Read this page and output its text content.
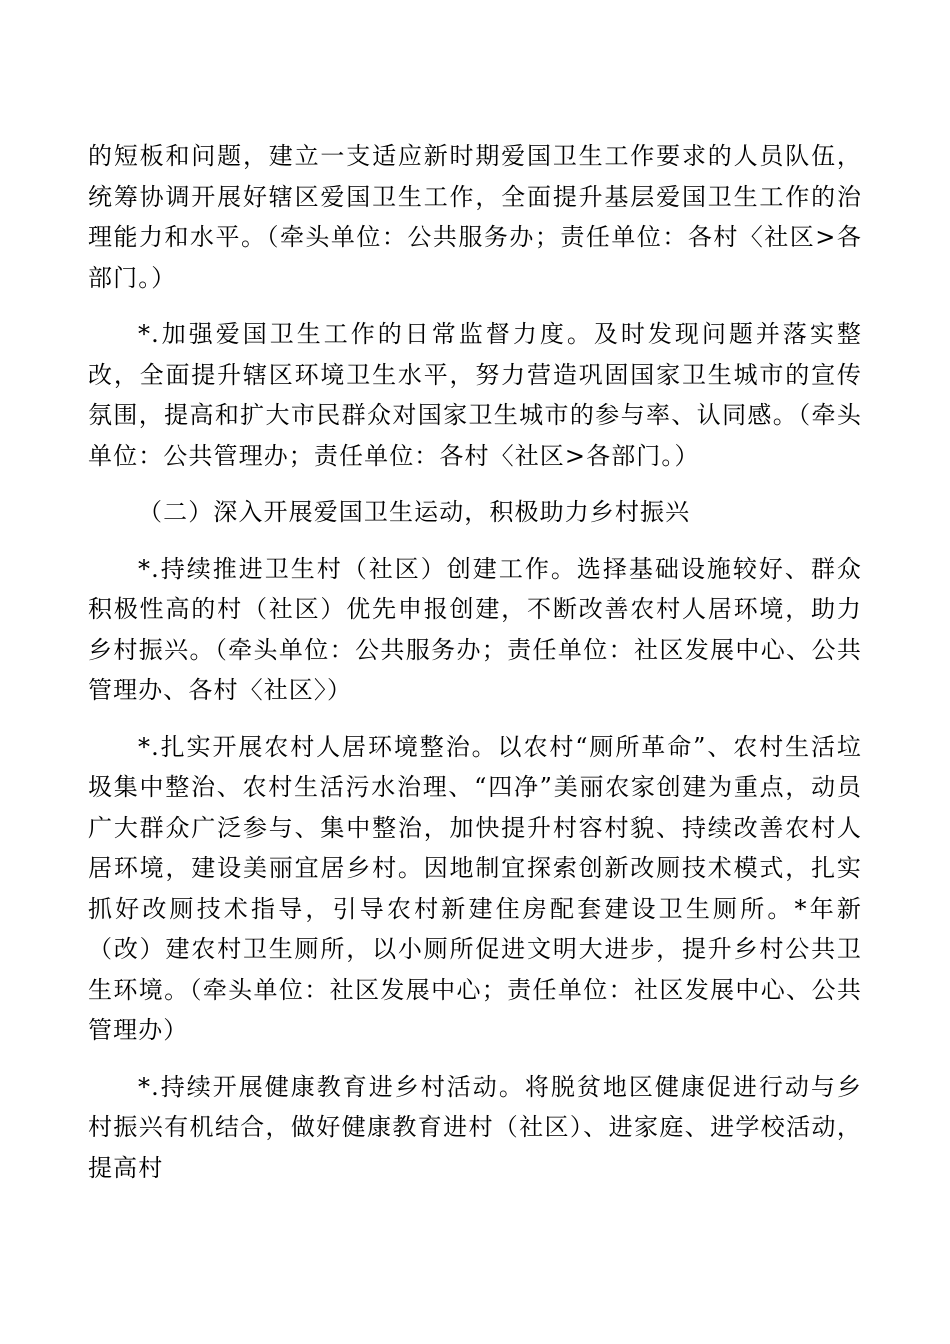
的短板和问题，建立一支适应新时期爱国卫生工作要求的人员队伍，统筹协调开展好辖区爱国卫生工作，全面提升基层爱国卫生工作的治理能力和水平。（牵头单位：公共服务办；责任单位：各村〈社区>各部门。）

*.加强爱国卫生工作的日常监督力度。及时发现问题并落实整改，全面提升辖区环境卫生水平，努力营造巩固国家卫生城市的宣传氛围，提高和扩大市民群众对国家卫生城市的参与率、认同感。（牵头单位：公共管理办；责任单位：各村〈社区>各部门。）

（二）深入开展爱国卫生运动，积极助力乡村振兴

*.持续推进卫生村（社区）创建工作。选择基础设施较好、群众积极性高的村（社区）优先申报创建，不断改善农村人居环境，助力乡村振兴。（牵头单位：公共服务办；责任单位：社区发展中心、公共管理办、各村〈社区〉）

*.扎实开展农村人居环境整治。以农村“厕所革命”、农村生活垃圾集中整治、农村生活污水治理、“四净”美丽农家创建为重点，动员广大群众广泛参与、集中整治，加快提升村容村貌、持续改善农村人居环境，建设美丽宜居乡村。因地制宜探索创新改厕技术模式，扎实抓好改厕技术指导，引导农村新建住房配套建设卫生厕所。*年新（改）建农村卫生厕所，以小厕所促进文明大进步，提升乡村公共卫生环境。（牵头单位：社区发展中心；责任单位：社区发展中心、公共管理办）

*.持续开展健康教育进乡村活动。将脱贫地区健康促进行动与乡村振兴有机结合，做好健康教育进村（社区）、进家庭、进学校活动，提高村
